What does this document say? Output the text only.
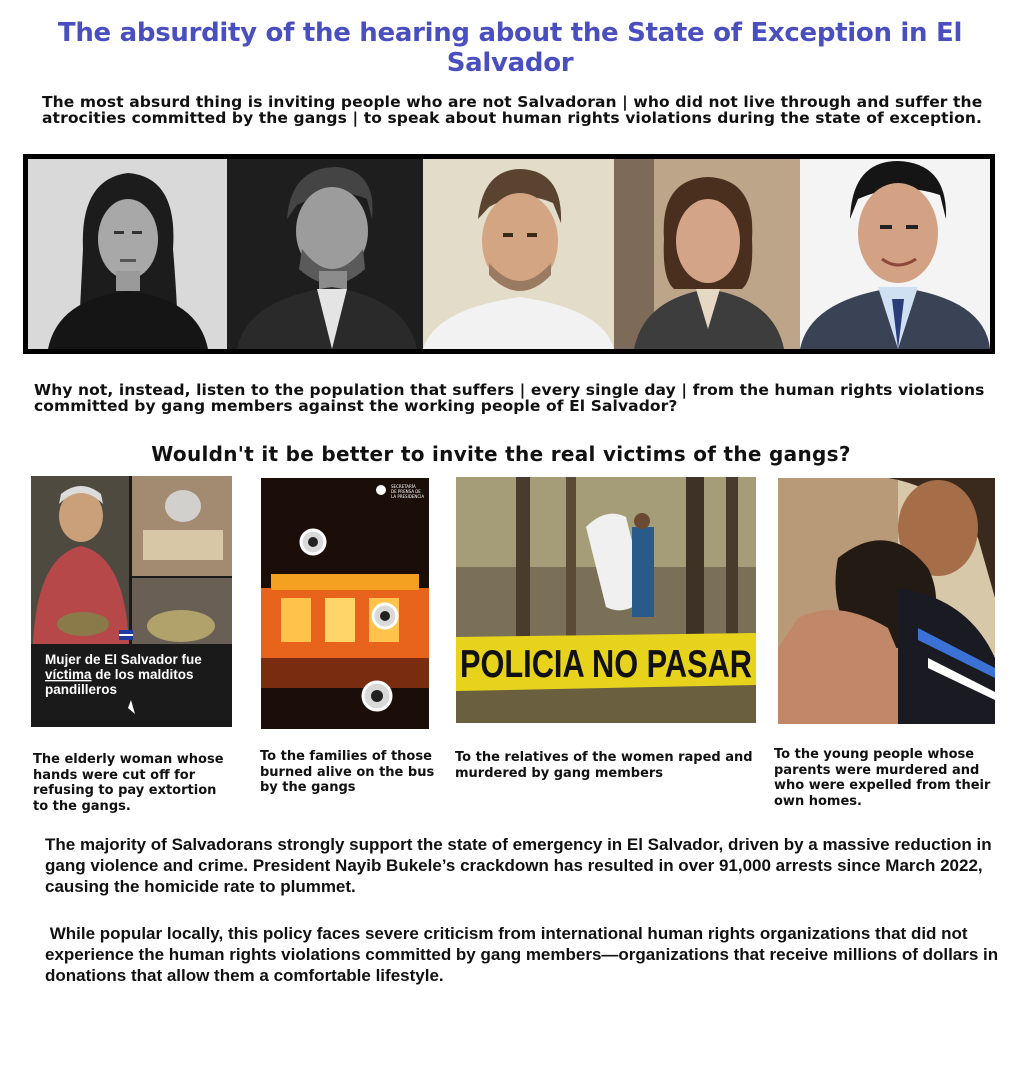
The absurdity of the hearing about the State of Exception in El Salvador
The most absurd thing is inviting people who are not Salvadoran | who did not live through and suffer the atrocities committed by the gangs | to speak about human rights violations during the state of exception.
Why not, instead, listen to the population that suffers | every single day | from the human rights violations committed by gang members against the working people of El Salvador?
Wouldn't it be better to invite the real victims of the gangs?
Mujer de El Salvador fue
víctima de los malditos
pandilleros
SECRETARÍA
DE PRENSA DE
LA PRESIDENCIA
POLICIA NO PASAR
The elderly woman whose hands were cut off for refusing to pay extortion to the gangs.
To the families of those burned alive on the bus by the gangs
To the relatives of the women raped and murdered by gang members
To the young people whose parents were murdered and who were expelled from their own homes.
The majority of Salvadorans strongly support the state of emergency in El Salvador, driven by a massive reduction in gang violence and crime. President Nayib Bukele’s crackdown has resulted in over 91,000 arrests since March 2022, causing the homicide rate to plummet.
While popular locally, this policy faces severe criticism from international human rights organizations that did not experience the human rights violations committed by gang members—organizations that receive millions of dollars in donations that allow them a comfortable lifestyle.
